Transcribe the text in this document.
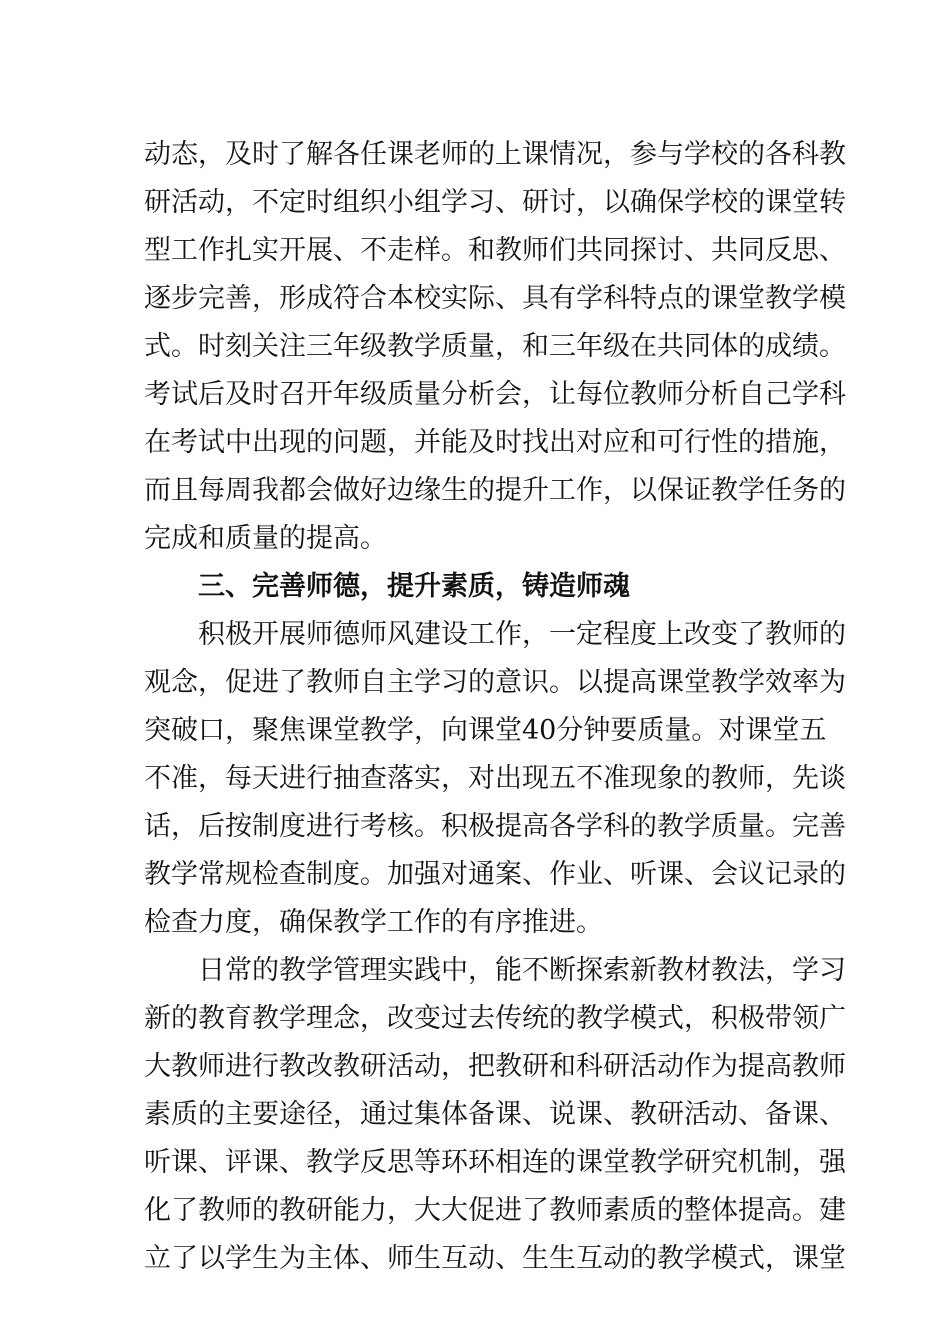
动态，及时了解各任课老师的上课情况，参与学校的各科教
研活动，不定时组织小组学习、研讨，以确保学校的课堂转
型工作扎实开展、不走样。和教师们共同探讨、共同反思、
逐步完善，形成符合本校实际、具有学科特点的课堂教学模
式。时刻关注三年级教学质量，和三年级在共同体的成绩。
考试后及时召开年级质量分析会，让每位教师分析自己学科
在考试中出现的问题，并能及时找出对应和可行性的措施，
而且每周我都会做好边缘生的提升工作，以保证教学任务的
完成和质量的提高。
三、完善师德，提升素质，铸造师魂
积极开展师德师风建设工作，一定程度上改变了教师的
观念，促进了教师自主学习的意识。以提高课堂教学效率为
突破口，聚焦课堂教学，向课堂40分钟要质量。对课堂五
不准，每天进行抽查落实，对出现五不准现象的教师，先谈
话，后按制度进行考核。积极提高各学科的教学质量。完善
教学常规检查制度。加强对通案、作业、听课、会议记录的
检查力度，确保教学工作的有序推进。
日常的教学管理实践中，能不断探索新教材教法，学习
新的教育教学理念，改变过去传统的教学模式，积极带领广
大教师进行教改教研活动，把教研和科研活动作为提高教师
素质的主要途径，通过集体备课、说课、教研活动、备课、
听课、评课、教学反思等环环相连的课堂教学研究机制，强
化了教师的教研能力，大大促进了教师素质的整体提高。建
立了以学生为主体、师生互动、生生互动的教学模式，课堂
